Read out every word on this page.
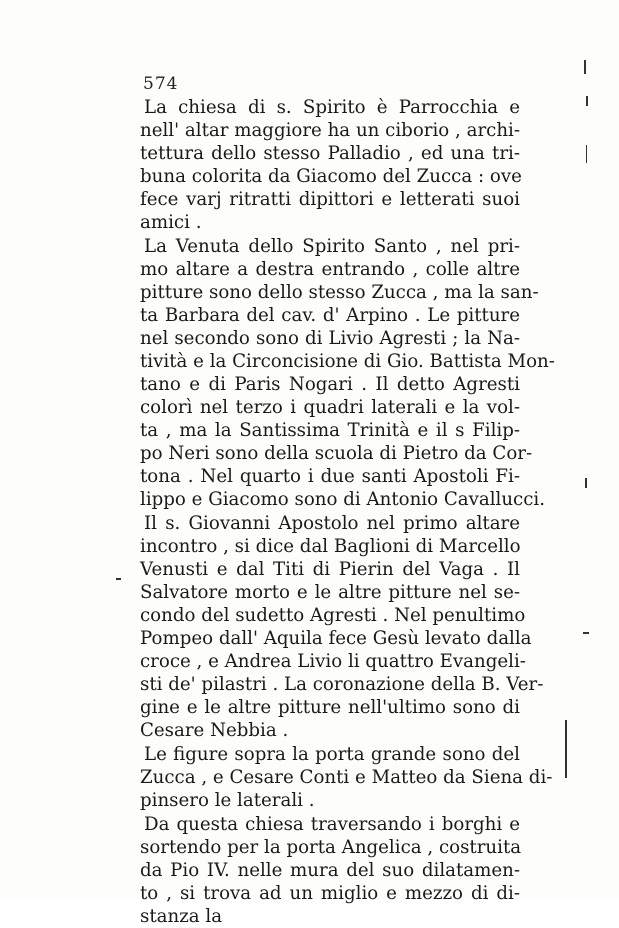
574
La chiesa di s. Spirito è Parrocchia e
nell' altar maggiore ha un ciborio , archi-
tettura dello stesso Palladio , ed una tri-
buna colorita da Giacomo del Zucca : ove
fece varj ritratti dipittori e letterati suoi
amici .
La Venuta dello Spirito Santo , nel pri-
mo altare a destra entrando , colle altre
pitture sono dello stesso Zucca , ma la san-
ta Barbara del cav. d' Arpino . Le pitture
nel secondo sono di Livio Agresti ; la Na-
tività e la Circoncisione di Gio. Battista Mon-
tano e di Paris Nogari . Il detto Agresti
colorì nel terzo i quadri laterali e la vol-
ta , ma la Santissima Trinità e il s Filip-
po Neri sono della scuola di Pietro da Cor-
tona . Nel quarto i due santi Apostoli Fi-
lippo e Giacomo sono di Antonio Cavallucci.
Il s. Giovanni Apostolo nel primo altare
incontro , si dice dal Baglioni di Marcello
Venusti e dal Titi di Pierin del Vaga . Il
Salvatore morto e le altre pitture nel se-
condo del sudetto Agresti . Nel penultimo
Pompeo dall' Aquila fece Gesù levato dalla
croce , e Andrea Livio li quattro Evangeli-
sti de' pilastri . La coronazione della B. Ver-
gine e le altre pitture nell'ultimo sono di
Cesare Nebbia .
Le figure sopra la porta grande sono del
Zucca , e Cesare Conti e Matteo da Siena di-
pinsero le laterali .
Da questa chiesa traversando i borghi e
sortendo per la porta Angelica , costruita
da Pio IV. nelle mura del suo dilatamen-
to , si trova ad un miglio e mezzo di di-
stanza la
